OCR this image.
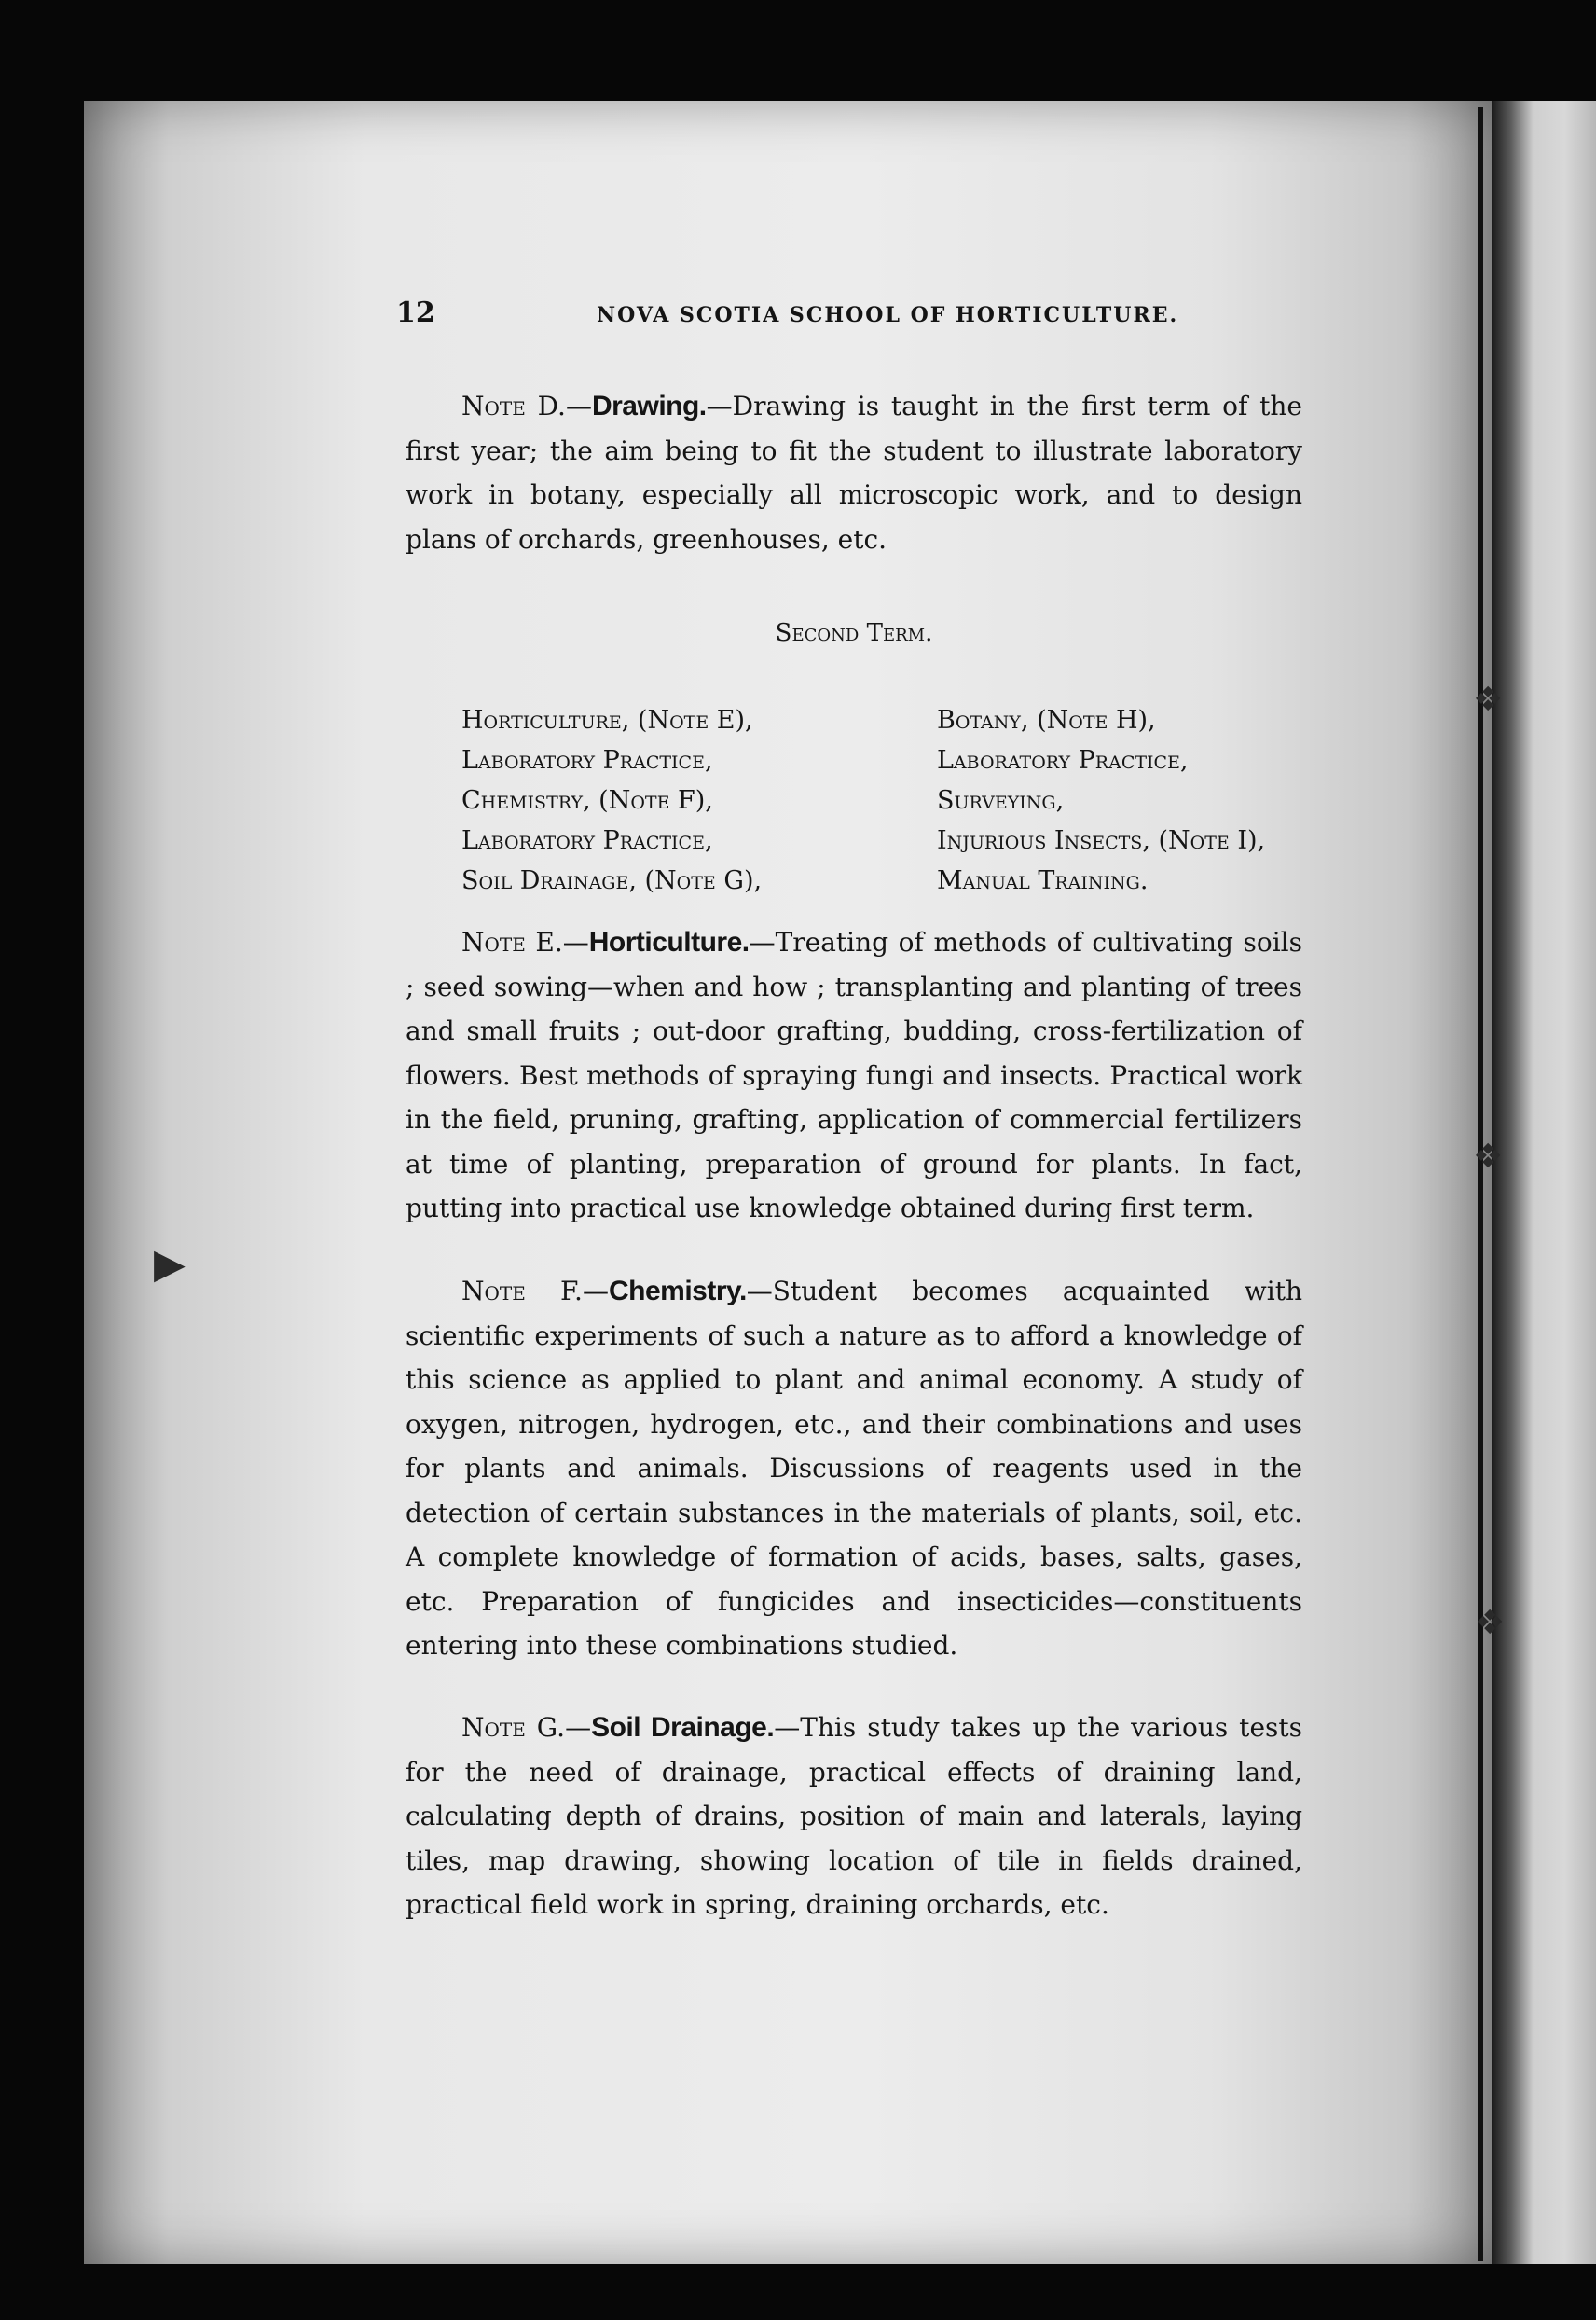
12	NOVA SCOTIA SCHOOL OF HORTICULTURE.

Note D.—Drawing.—Drawing is taught in the first term of the first year; the aim being to fit the student to illustrate laboratory work in botany, especially all microscopic work, and to design plans of orchards, greenhouses, etc.

Second Term.
Horticulture, (Note E),
Laboratory Practice,
Chemistry, (Note F),
Laboratory Practice,
Soil Drainage, (Note G),
Botany, (Note H),
Laboratory Practice,
Surveying,
Injurious Insects, (Note I),
Manual Training.

Note E.—Horticulture.—Treating of methods of cultivating soils ; seed sowing—when and how ; transplanting and planting of trees and small fruits ; out-door grafting, budding, cross-fertilization of flowers. Best methods of spraying fungi and insects. Practical work in the field, pruning, grafting, application of commercial fertilizers at time of planting, preparation of ground for plants. In fact, putting into practical use knowledge obtained during first term.

Note F.—Chemistry.—Student becomes acquainted with scientific experiments of such a nature as to afford a knowledge of this science as applied to plant and animal economy. A study of oxygen, nitrogen, hydrogen, etc., and their combinations and uses for plants and animals. Discussions of reagents used in the detection of certain substances in the materials of plants, soil, etc. A complete knowledge of formation of acids, bases, salts, gases, etc. Preparation of fungicides and insecticides—constituents entering into these combinations studied.

Note G.—Soil Drainage.—This study takes up the various tests for the need of drainage, practical effects of draining land, calculating depth of drains, position of main and laterals, laying tiles, map drawing, showing location of tile in fields drained, practical field work in spring, draining orchards, etc.

▶
❖
❖
❖
